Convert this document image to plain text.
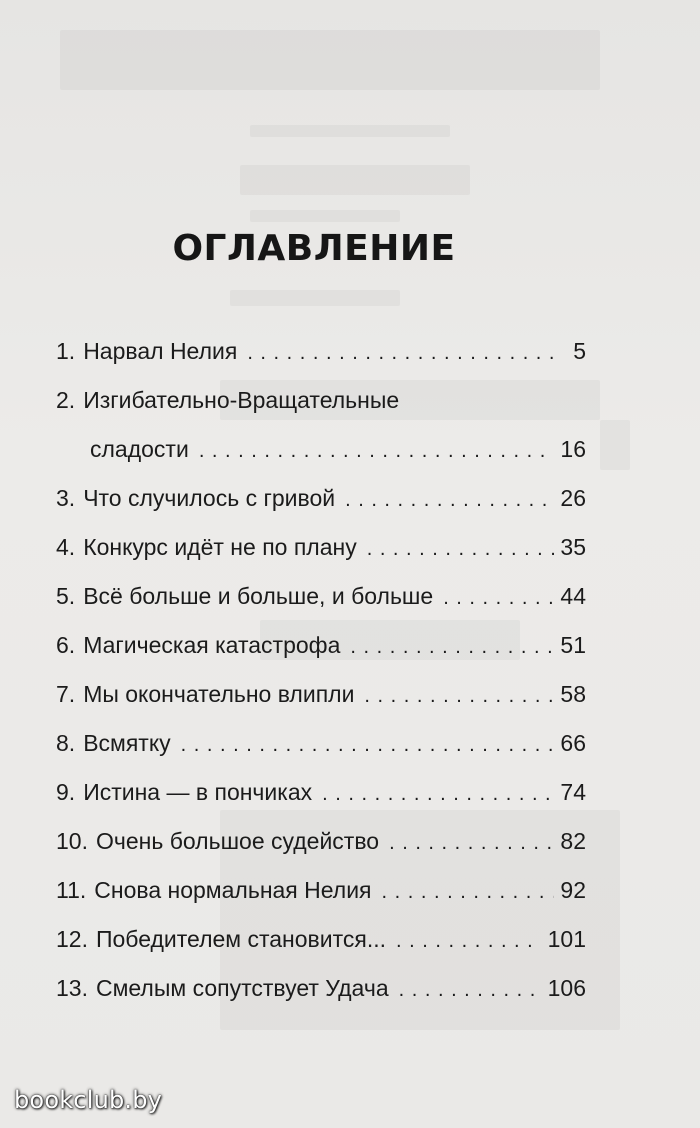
ОГЛАВЛЕНИЕ
1. Нарвал Нелия . . .	5
2. Изгибательно-Вращательные
сладости . . .	16
3. Что случилось с гривой . . .	26
4. Конкурс идёт не по плану . . .	35
5. Всё больше и больше, и больше . . .	44
6. Магическая катастрофа . . .	51
7. Мы окончательно влипли . . .	58
8. Всмятку . . .	66
9. Истина — в пончиках . . .	74
10. Очень большое судейство . . .	82
11. Снова нормальная Нелия . . .	92
12. Победителем становится... . . .	101
13. Смелым сопутствует Удача . . .	106
bookclub.by
